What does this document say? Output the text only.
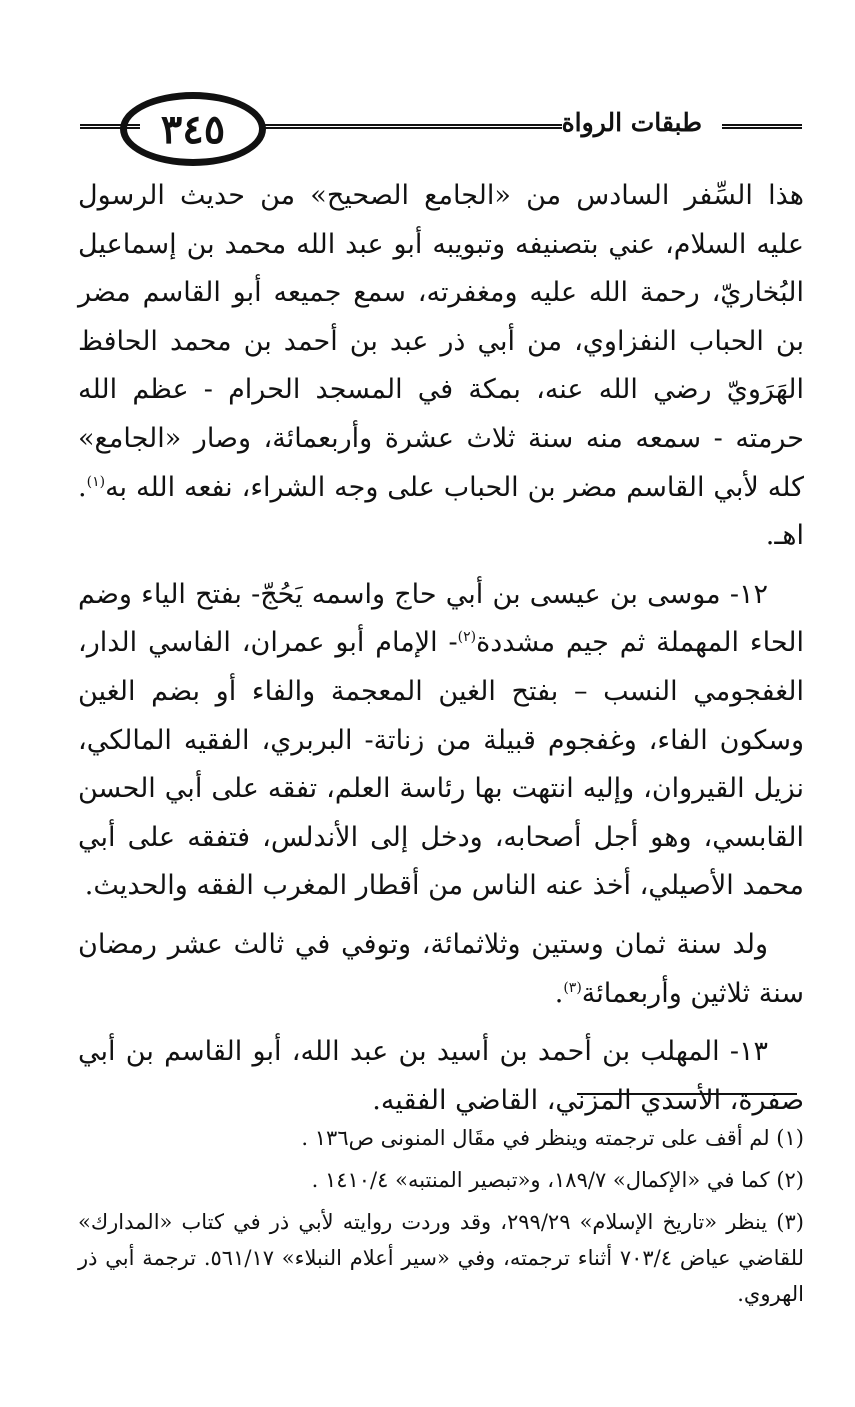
طبقات الرواة
٣٤٥

هذا السِّفر السادس من «الجامع الصحيح» من حديث الرسول عليه السلام، عني بتصنيفه وتبويبه أبو عبد الله محمد بن إسماعيل البُخاريّ، رحمة الله عليه ومغفرته، سمع جميعه أبو القاسم مضر بن الحباب النفزاوي، من أبي ذر عبد بن أحمد بن محمد الحافظ الهَرَويّ رضي الله عنه، بمكة في المسجد الحرام - عظم الله حرمته - سمعه منه سنة ثلاث عشرة وأربعمائة، وصار «الجامع» كله لأبي القاسم مضر بن الحباب على وجه الشراء، نفعه الله به$^{(١)}$. اهـ.

١٢- موسى بن عيسى بن أبي حاج واسمه يَحُجّ- بفتح الياء وضم الحاء المهملة ثم جيم مشددة$^{(٢)}$- الإمام أبو عمران، الفاسي الدار، الغفجومي النسب – بفتح الغين المعجمة والفاء أو بضم الغين وسكون الفاء، وغفجوم قبيلة من زناتة- البربري، الفقيه المالكي، نزيل القيروان، وإليه انتهت بها رئاسة العلم، تفقه على أبي الحسن القابسي، وهو أجل أصحابه، ودخل إلى الأندلس، فتفقه على أبي محمد الأصيلي، أخذ عنه الناس من أقطار المغرب الفقه والحديث.

ولد سنة ثمان وستين وثلاثمائة، وتوفي في ثالث عشر رمضان سنة ثلاثين وأربعمائة$^{(٣)}$.

١٣- المهلب بن أحمد بن أسيد بن عبد الله، أبو القاسم بن أبي صفرة، الأسدي المزني، القاضي الفقيه.

(١) لم أقف على ترجمته وينظر في مقَال المنونى ص١٣٦ .

(٢) كما في «الإكمال» ١٨٩/٧، و«تبصير المنتبه» ١٤١٠/٤ .

(٣) ينظر «تاريخ الإسلام» ٢٩٩/٢٩، وقد وردت روايته لأبي ذر في كتاب «المدارك» للقاضي عياض ٧٠٣/٤ أثناء ترجمته، وفي «سير أعلام النبلاء» ٥٦١/١٧. ترجمة أبي ذر الهروي.
